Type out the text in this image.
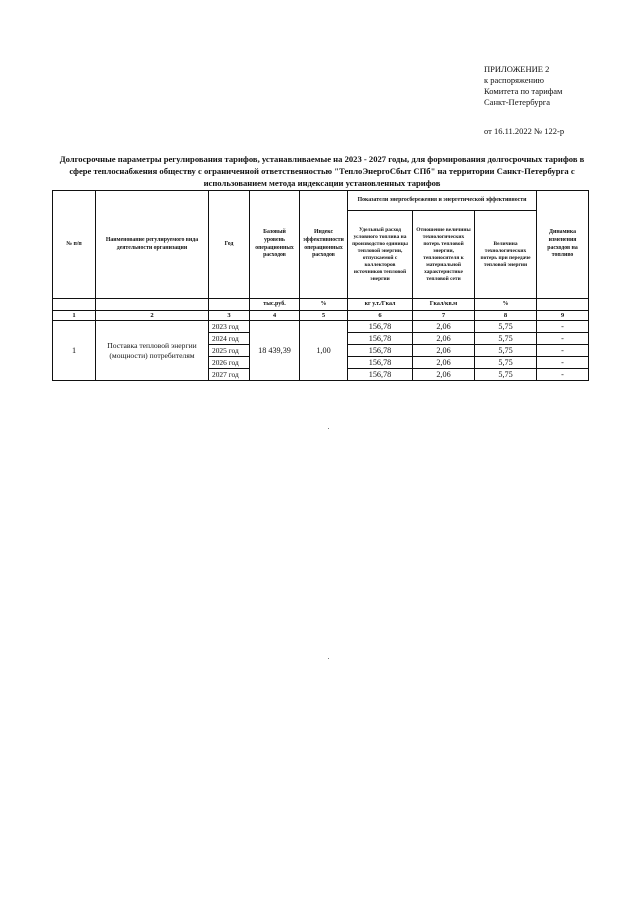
ПРИЛОЖЕНИЕ 2
к распоряжению
Комитета по тарифам
Санкт-Петербурга
от 16.11.2022 № 122-р
Долгосрочные параметры регулирования тарифов, устанавливаемые на 2023 - 2027 годы, для формирования долгосрочных тарифов в сфере теплоснабжения обществу с ограниченной ответственностью "ТеплоЭнергоСбыт СПб" на территории Санкт-Петербурга с использованием метода индексации установленных тарифов
№ п/п	Наименование регулируемого вида деятельности организации	Год	Базовый уровень операционных расходов	Индекс эффективности операционных расходов	Показатели энергосбережения и энергетической эффективности			Динамика изменения расходов на топливо
					Удельный расход условного топлива на производство единицы тепловой энергии, отпускаемой с коллекторов источников тепловой энергии	Отношение величины технологических потерь тепловой энергии, теплоносителя к материальной характеристике тепловой сети	Величина технологических потерь при передаче тепловой энергии	
			тыс.руб.	%	кг у.т./Гкал	Гкал/кв.м	%	
1	2	3	4	5	6	7	8	9
1	Поставка тепловой энергии (мощности) потребителям	2023 год	18 439,39	1,00	156,78	2,06	5,75	-
		2024 год			156,78	2,06	5,75	-
		2025 год			156,78	2,06	5,75	-
		2026 год			156,78	2,06	5,75	-
		2027 год			156,78	2,06	5,75	-
